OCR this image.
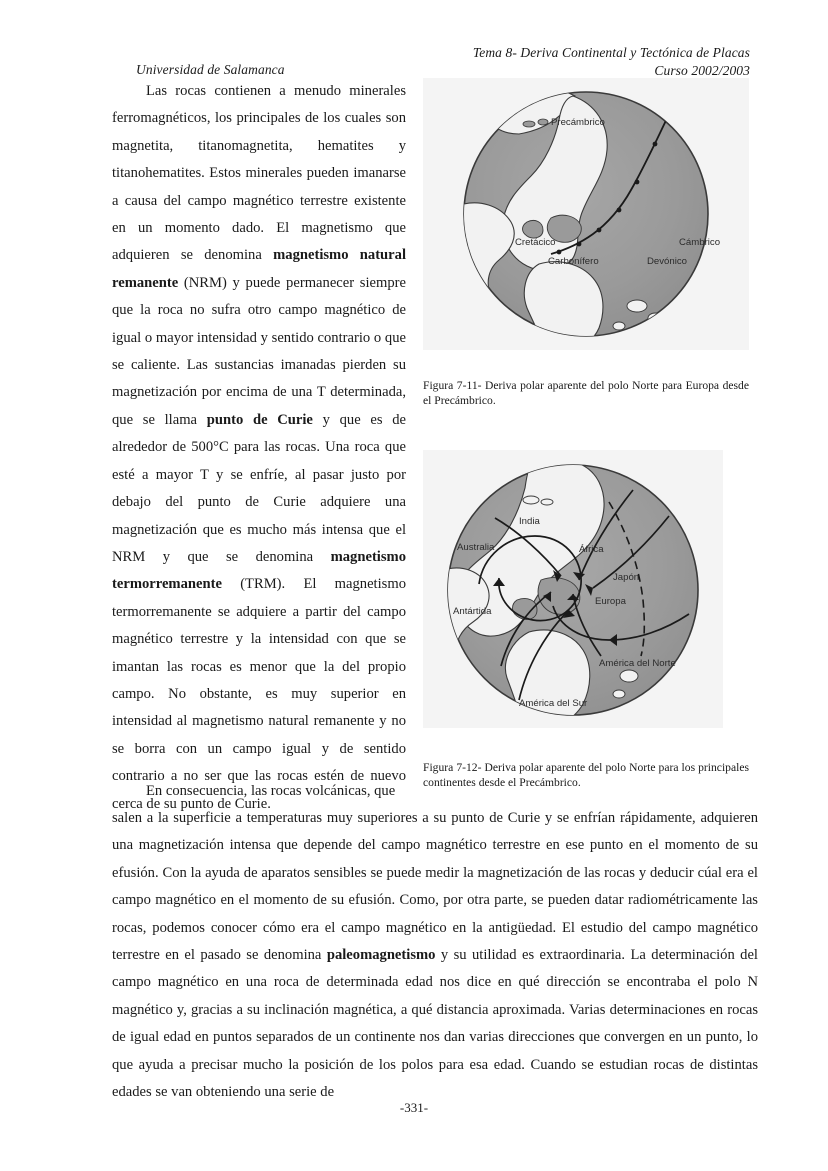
Universidad de Salamanca
Tema 8- Deriva Continental y Tectónica de Placas
Curso 2002/2003

Las rocas contienen a menudo minerales ferromagnéticos, los principales de los cuales son magnetita, titanomagnetita, hematites y titanohematites. Estos minerales pueden imanarse a causa del campo magnético terrestre existente en un momento dado. El magnetismo que adquieren se denomina magnetismo natural remanente (NRM) y puede permanecer siempre que la roca no sufra otro campo magnético de igual o mayor intensidad y sentido contrario o que se caliente. Las sustancias imanadas pierden su magnetización por encima de una T determinada, que se llama punto de Curie y que es de alrededor de 500°C para las rocas. Una roca que esté a mayor T y se enfríe, al pasar justo por debajo del punto de Curie adquiere una magnetización que es mucho más intensa que el NRM y que se denomina magnetismo termorremanente (TRM). El magnetismo termorremanente se adquiere a partir del campo magnético terrestre y la intensidad con que se imantan las rocas es menor que la del propio campo. No obstante, es muy superior en intensidad al magnetismo natural remanente y no se borra con un campo igual y de sentido contrario a no ser que las rocas estén de nuevo cerca de su punto de Curie.

Precámbrico
Cretácico
Carbonífero
Cámbrico
Devónico
Figura 7-11- Deriva polar aparente del polo Norte para Europa desde el Precámbrico.
India
Australia	África
Japón
Europa
Antártida
América del Norte
América del Sur
Figura 7-12- Deriva polar aparente del polo Norte para los principales continentes desde el Precámbrico.
En consecuencia, las rocas volcánicas, que

salen a la superficie a temperaturas muy superiores a su punto de Curie y se enfrían rápidamente, adquieren una magnetización intensa que depende del campo magnético terrestre en ese punto en el momento de su efusión. Con la ayuda de aparatos sensibles se puede medir la magnetización de las rocas y deducir cúal era el campo magnético en el momento de su efusión. Como, por otra parte, se pueden datar radiométricamente las rocas, podemos conocer cómo era el campo magnético en la antigüedad. El estudio del campo magnético terrestre en el pasado se denomina paleomagnetismo y su utilidad es extraordinaria. La determinación del campo magnético en una roca de determinada edad nos dice en qué dirección se encontraba el polo N magnético y, gracias a su inclinación magnética, a qué distancia aproximada. Varias determinaciones en rocas de igual edad en puntos separados de un continente nos dan varias direcciones que convergen en un punto, lo que ayuda a precisar mucho la posición de los polos para esa edad. Cuando se estudian rocas de distintas edades se van obteniendo una serie de

-331-
